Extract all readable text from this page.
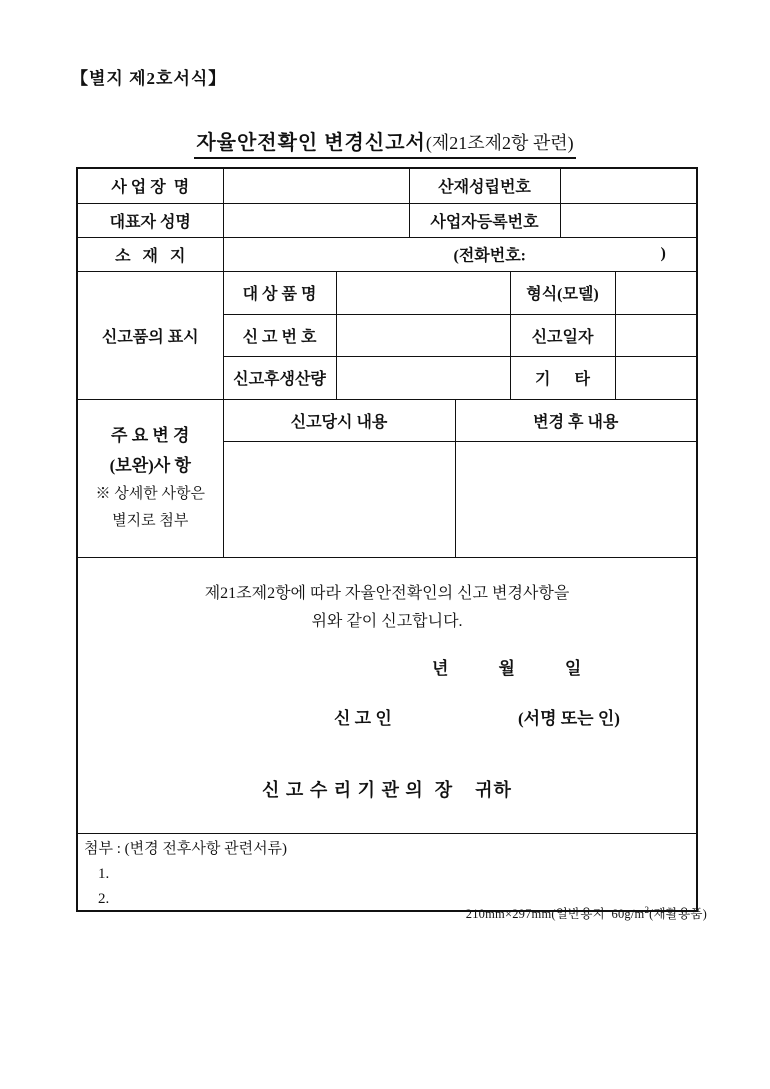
【별지 제2호서식】
자율안전확인 변경신고서(제21조제2항 관련)
사 업 장  명			산재성립번호				
대표자 성명			사업자등록번호				
소   재   지	(전화번호: )						

신고품의 표시	대 상 품 명				형식(모델)		
	신 고 번 호				신고일자		
	신고후생산량				기      타		

주 요 변 경
(보완)사 항
※ 상세한 사항은
별지로 첨부	신고당시 내용			변경 후 내용			

제21조제2항에 따라 자율안전확인의 신고 변경사항을
위와 같이 신고합니다.
년	월	일
신 고 인	(서명 또는 인)
신 고 수 리 기 관 의  장    귀하

첨부 : (변경 전후사항 관련서류)
1.
2.							
210mm×297mm(일반용지  $60g/m^2$(재활용품)
